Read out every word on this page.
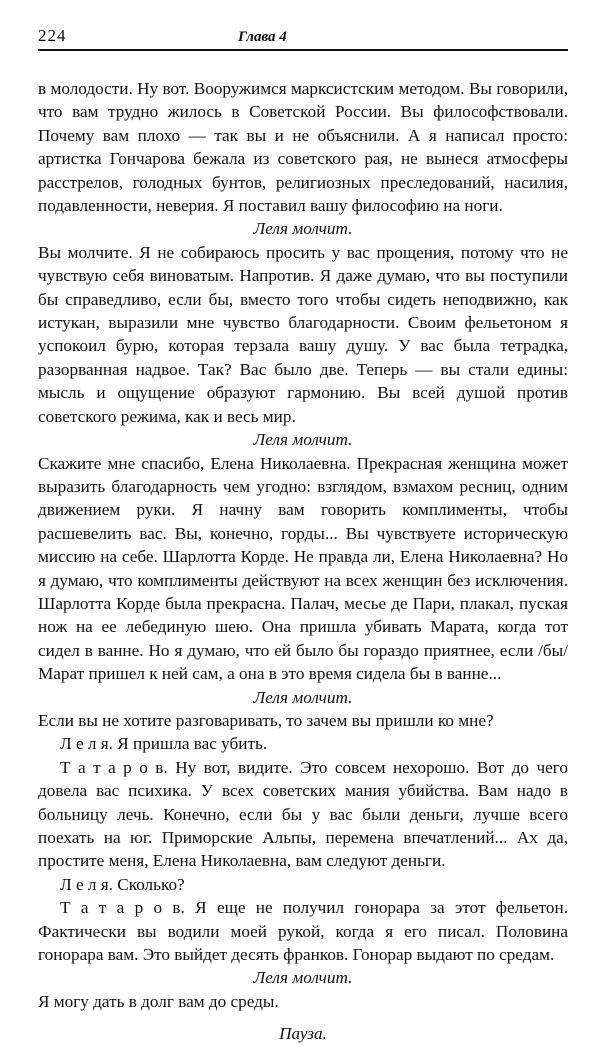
224	Глава 4

в молодости. Ну вот. Вооружимся марксистским методом. Вы говорили, что вам трудно жилось в Советской России. Вы философствовали. Почему вам плохо — так вы и не объяснили. А я написал просто: артистка Гончарова бежала из советского рая, не вынеся атмосферы расстрелов, голодных бунтов, религиозных преследований, насилия, подавленности, неверия. Я поставил вашу философию на ноги.

Леля молчит.

Вы молчите. Я не собираюсь просить у вас прощения, потому что не чувствую себя виноватым. Напротив. Я даже думаю, что вы поступили бы справедливо, если бы, вместо того чтобы сидеть неподвижно, как истукан, выразили мне чувство благодарности. Своим фельетоном я успокоил бурю, которая терзала вашу душу. У вас была тетрадка, разорванная надвое. Так? Вас было две. Теперь — вы стали едины: мысль и ощущение образуют гармонию. Вы всей душой против советского режима, как и весь мир.

Леля молчит.

Скажите мне спасибо, Елена Николаевна. Прекрасная женщина может выразить благодарность чем угодно: взглядом, взмахом ресниц, одним движением руки. Я начну вам говорить комплименты, чтобы расшевелить вас. Вы, конечно, горды... Вы чувствуете историческую миссию на себе. Шарлотта Корде. Не правда ли, Елена Николаевна? Но я думаю, что комплименты действуют на всех женщин без исключения. Шарлотта Корде была прекрасна. Палач, месье де Пари, плакал, пуская нож на ее лебединую шею. Она пришла убивать Марата, когда тот сидел в ванне. Но я думаю, что ей было бы гораздо приятнее, если /бы/ Марат пришел к ней сам, а она в это время сидела бы в ванне...

Леля молчит.

Если вы не хотите разговаривать, то зачем вы пришли ко мне?

Л е л я. Я пришла вас убить.

Т а т а р о в. Ну вот, видите. Это совсем нехорошо. Вот до чего довела вас психика. У всех советских мания убийства. Вам надо в больницу лечь. Конечно, если бы у вас были деньги, лучше всего поехать на юг. Приморские Альпы, перемена впечатлений... Ах да, простите меня, Елена Николаевна, вам следуют деньги.

Л е л я. Сколько?

Т а т а р о в. Я еще не получил гонорара за этот фельетон. Фактически вы водили моей рукой, когда я его писал. Половина гонорара вам. Это выйдет десять франков. Гонорар выдают по средам.

Леля молчит.

Я могу дать в долг вам до среды.

Пауза.
